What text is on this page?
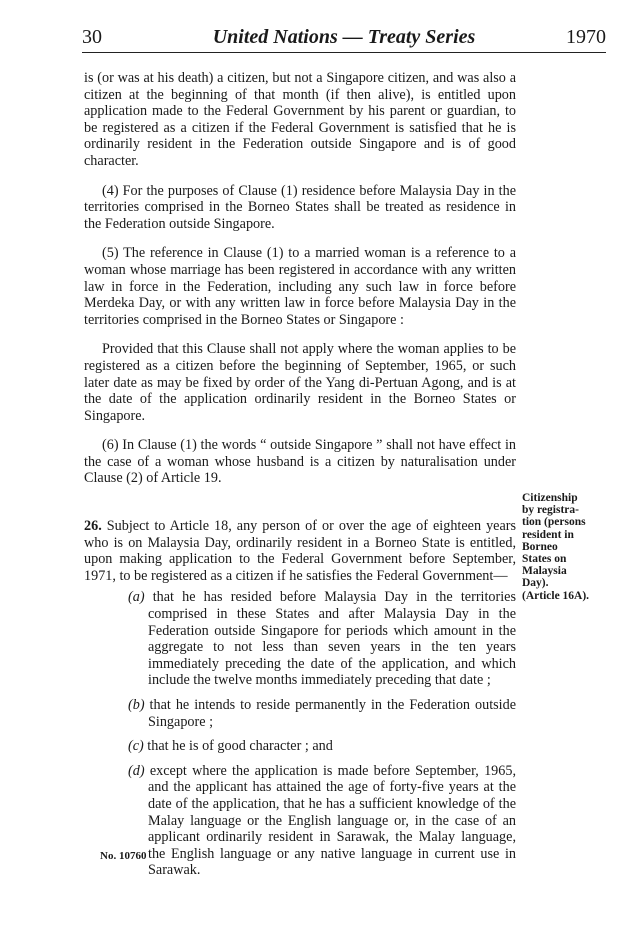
30	United Nations — Treaty Series	1970

is (or was at his death) a citizen, but not a Singapore citizen, and was also a citizen at the beginning of that month (if then alive), is entitled upon application made to the Federal Government by his parent or guardian, to be registered as a citizen if the Federal Government is satisfied that he is ordinarily resident in the Federation outside Singapore and is of good character.

(4) For the purposes of Clause (1) residence before Malaysia Day in the territories comprised in the Borneo States shall be treated as residence in the Federation outside Singapore.

(5) The reference in Clause (1) to a married woman is a reference to a woman whose marriage has been registered in accordance with any written law in force in the Federation, including any such law in force before Merdeka Day, or with any written law in force before Malaysia Day in the territories comprised in the Borneo States or Singapore :

Provided that this Clause shall not apply where the woman applies to be registered as a citizen before the beginning of September, 1965, or such later date as may be fixed by order of the Yang di-Pertuan Agong, and is at the date of the application ordinarily resident in the Borneo States or Singapore.

(6) In Clause (1) the words “ outside Singapore ” shall not have effect in the case of a woman whose husband is a citizen by naturalisation under Clause (2) of Article 19.

26. Subject to Article 18, any person of or over the age of eighteen years who is on Malaysia Day, ordinarily resident in a Borneo State is entitled, upon making application to the Federal Government before September, 1971, to be registered as a citizen if he satisfies the Federal Government—

(a) that he has resided before Malaysia Day in the territories comprised in these States and after Malaysia Day in the Federation outside Singapore for periods which amount in the aggregate to not less than seven years in the ten years immediately preceding the date of the application, and which include the twelve months immediately preceding that date ;

(b) that he intends to reside permanently in the Federation outside Singapore ;

(c) that he is of good character ; and

(d) except where the application is made before September, 1965, and the applicant has attained the age of forty-five years at the date of the application, that he has a sufficient knowledge of the Malay language or the English language or, in the case of an applicant ordinarily resident in Sarawak, the Malay language, the English language or any native language in current use in Sarawak.

Citizenship
by registra-
tion (persons
resident in
Borneo
States on
Malaysia
Day).
(Article 16A).
No. 10760
